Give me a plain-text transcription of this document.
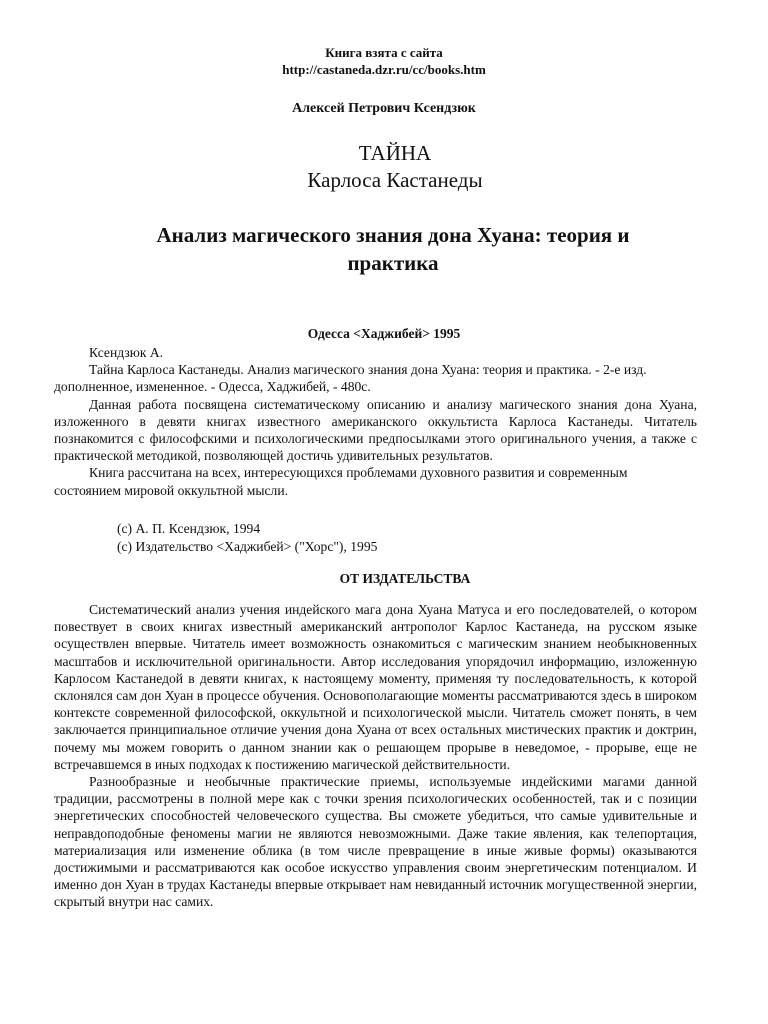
Книга взята с сайта
http://castaneda.dzr.ru/cc/books.htm
Алексей Петрович Ксендзюк
ТАЙНА
Карлоса Кастанеды
Анализ магического знания дона Хуана: теория и практика
Одесса <Хаджибей> 1995

Ксендзюк А.

Тайна Карлоса Кастанеды. Анализ магического знания дона Хуана: теория и практика. - 2-е изд. дополненное, измененное. - Одесса, Хаджибей, - 480с.

Данная работа посвящена систематическому описанию и анализу магического знания дона Хуана, изложенного в девяти книгах известного американского оккультиста Карлоса Кастанеды. Читатель познакомится с философскими и психологическими предпосылками этого оригинального учения, а также с практической методикой, позволяющей достичь удивительных результатов.

Книга рассчитана на всех, интересующихся проблемами духовного развития и современным состоянием мировой оккультной мысли.

(c) А. П. Ксендзюк, 1994
(c) Издательство <Хаджибей> ("Хорс"), 1995
ОТ ИЗДАТЕЛЬСТВА

Систематический анализ учения индейского мага дона Хуана Матуса и его последователей, о котором повествует в своих книгах известный американский антрополог Карлос Кастанеда, на русском языке осуществлен впервые. Читатель имеет возможность ознакомиться с магическим знанием необыкновенных масштабов и исключительной оригинальности. Автор исследования упорядочил информацию, изложенную Карлосом Кастанедой в девяти книгах, к настоящему моменту, применяя ту последовательность, к которой склонялся сам дон Хуан в процессе обучения. Основополагающие моменты рассматриваются здесь в широком контексте современной философской, оккультной и психологической мысли. Читатель сможет понять, в чем заключается принципиальное отличие учения дона Хуана от всех остальных мистических практик и доктрин, почему мы можем говорить о данном знании как о решающем прорыве в неведомое, - прорыве, еще не встречавшемся в иных подходах к постижению магической действительности.

Разнообразные и необычные практические приемы, используемые индейскими магами данной традиции, рассмотрены в полной мере как с точки зрения психологических особенностей, так и с позиции энергетических способностей человеческого существа. Вы сможете убедиться, что самые удивительные и неправдоподобные феномены магии не являются невозможными. Даже такие явления, как телепортация, материализация или изменение облика (в том числе превращение в иные живые формы) оказываются достижимыми и рассматриваются как особое искусство управления своим энергетическим потенциалом. И именно дон Хуан в трудах Кастанеды впервые открывает нам невиданный источник могущественной энергии, скрытый внутри нас самих.
